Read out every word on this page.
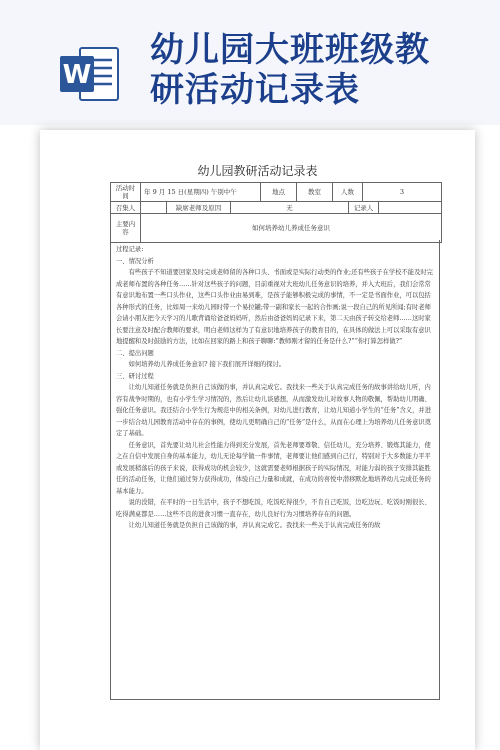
W
幼儿园大班班级教
研活动记录表
幼儿园教研活动记录表
活动时间	年 9 月 15 日(星期四) 午别中午	地点	教室	人数	3
召集人	缺席老师及原因	无	记录人
主要内容	如何培养幼儿养成任务意识

过程记录:

一、情况分析

有些孩子不知道要回家及时完成老师留的各种口头、书面或是实际行动类的作业;还有些孩子在学校不能及时完成老师布置的各种任务……针对这些孩子的问题，目前重视对大班幼儿任务意识的培养，并入大班后，我们会常常有意识地布置一些口头作业，这些口头作业由易到难，是孩子能够积极完成的事情，不一定是书面作业，可以包括各种形式的任务，比如周一来幼儿园时带一个易拉罐;带一副和家长一起的合作画;说一段自己的所见所闻;有时老师会请小朋友把今天学习的儿歌背诵给爸爸妈妈听，然后由爸爸妈妈记录下来，第二天由孩子转交给老师……这时家长要注意及时配合教师的要求，明白老师这样为了有意识地培养孩子的教育目的，在具体的做法上可以采取有意识地提醒和及时鼓励的方法，比如在回家的路上和孩子聊聊:“教师刚才留的任务是什么?”“你打算怎样做?”

二、提出问题

如何培养幼儿养成任务意识? 接下我们展开详细的探讨。

三、研讨过程

让幼儿知道任务就是负担自己该做的事，并认真完成它。我找来一些关于认真完成任务的故事讲给幼儿听，内容有战争时期的，也有小学生学习情况的，然后让幼儿谈感想，从而激发幼儿对故事人物的敬佩，帮助幼儿明确、强化任务意识。我还结合小学生行为规范中的相关条例，对幼儿进行教育，让幼儿知道小学生的“任务”含义，并进一步结合幼儿园教育活动中存在的事例，使幼儿更明确自己的“任务”是什么，从而在心理上为培养幼儿任务意识奠定了基础。

任务意识，首先要让幼儿社会性能力得到充分发展，首先老师要尊敬、信任幼儿，充分培养、锻炼其能力，使之在自信中发展自身的基本能力，幼儿无论每学做一件事情，老师要让他们感到自己行，特别对于大多数能力平平或发展稍落后的孩子来说，获得成功的机会较少，这就需要老师根据孩子的实际情况，对能力弱的孩子安排其能胜任的活动任务，让他们通过努力获得成功，体验自己力量和成就，在成功的喜悦中潜移默化地培养幼儿完成任务的基本能力。

说的没错，在平时的一日生活中，孩子不想吃饭，吃饭吃得很少，不肯自己吃饭，边吃边玩、吃饭时刚很长、吃得满桌都是……这些不良的进食习惯一直存在，幼儿良好行为习惯培养存在的问题。

让幼儿知道任务就是负担自己该做的事，并认真完成它。我找来一些关于认真完成任务的故
